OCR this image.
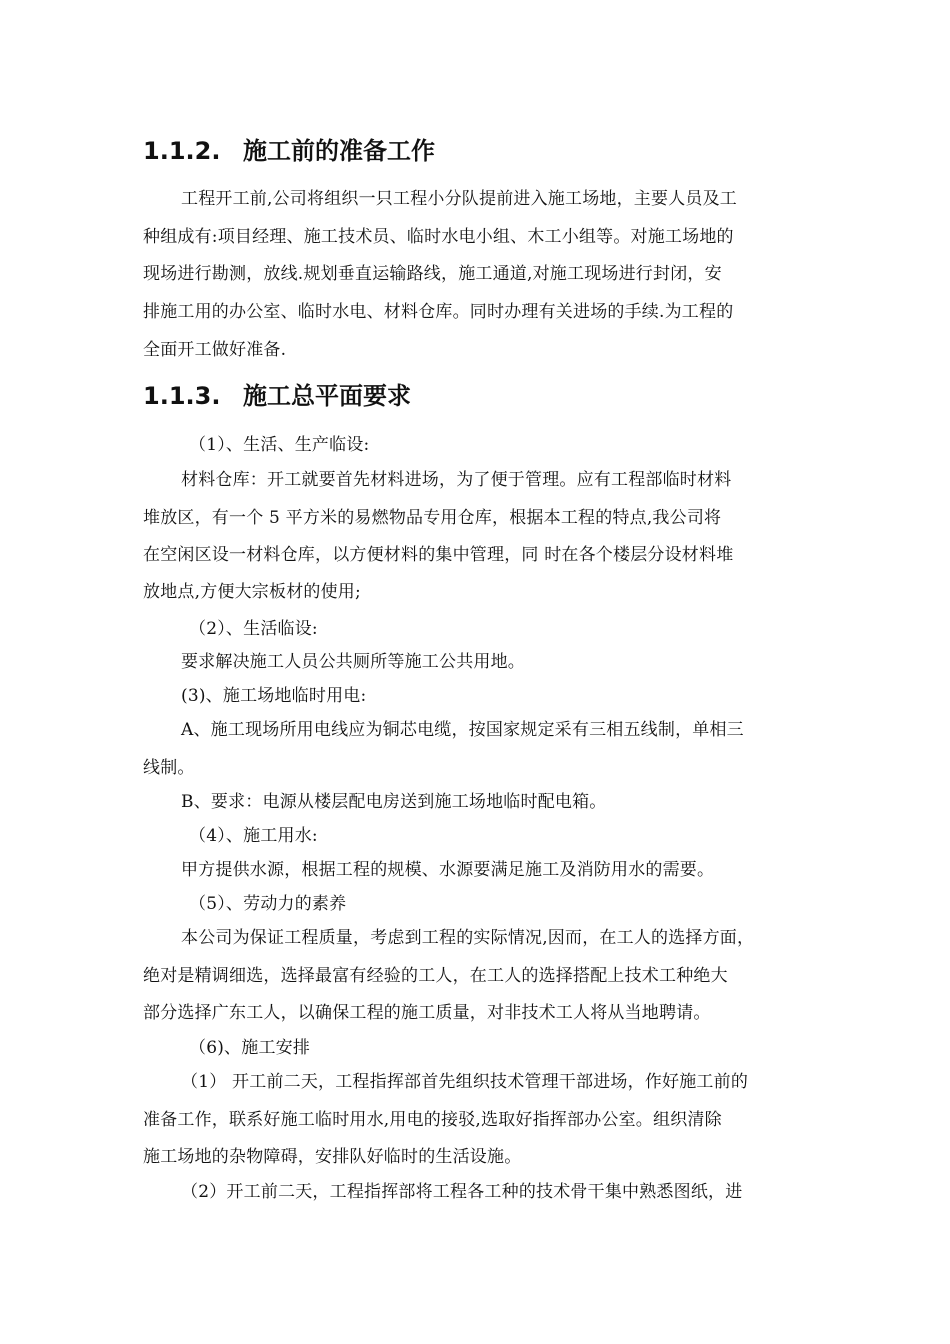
1.1.2. 施工前的准备工作
工程开工前,公司将组织一只工程小分队提前进入施工场地，主要人员及工
种组成有:项目经理、施工技术员、临时水电小组、木工小组等。对施工场地的
现场进行勘测，放线.规划垂直运输路线，施工通道,对施工现场进行封闭，安
排施工用的办公室、临时水电、材料仓库。同时办理有关进场的手续.为工程的
全面开工做好准备.
1.1.3. 施工总平面要求
（1）、生活、生产临设:
材料仓库：开工就要首先材料进场，为了便于管理。应有工程部临时材料
堆放区，有一个 5 平方米的易燃物品专用仓库，根据本工程的特点,我公司将
在空闲区设一材料仓库，以方便材料的集中管理，同 时在各个楼层分设材料堆
放地点,方便大宗板材的使用;
（2）、生活临设:
要求解决施工人员公共厕所等施工公共用地。
(3)、施工场地临时用电:
A、施工现场所用电线应为铜芯电缆，按国家规定采有三相五线制，单相三
线制。
B、要求：电源从楼层配电房送到施工场地临时配电箱。
（4）、施工用水:
甲方提供水源，根据工程的规模、水源要满足施工及消防用水的需要。
（5）、劳动力的素养
本公司为保证工程质量，考虑到工程的实际情况,因而，在工人的选择方面，
绝对是精调细选，选择最富有经验的工人，在工人的选择搭配上技术工种绝大
部分选择广东工人，以确保工程的施工质量，对非技术工人将从当地聘请。
（6)、施工安排
（1） 开工前二天，工程指挥部首先组织技术管理干部进场，作好施工前的
准备工作，联系好施工临时用水,用电的接驳,选取好指挥部办公室。组织清除
施工场地的杂物障碍，安排队好临时的生活设施。
（2）开工前二天，工程指挥部将工程各工种的技术骨干集中熟悉图纸，进
